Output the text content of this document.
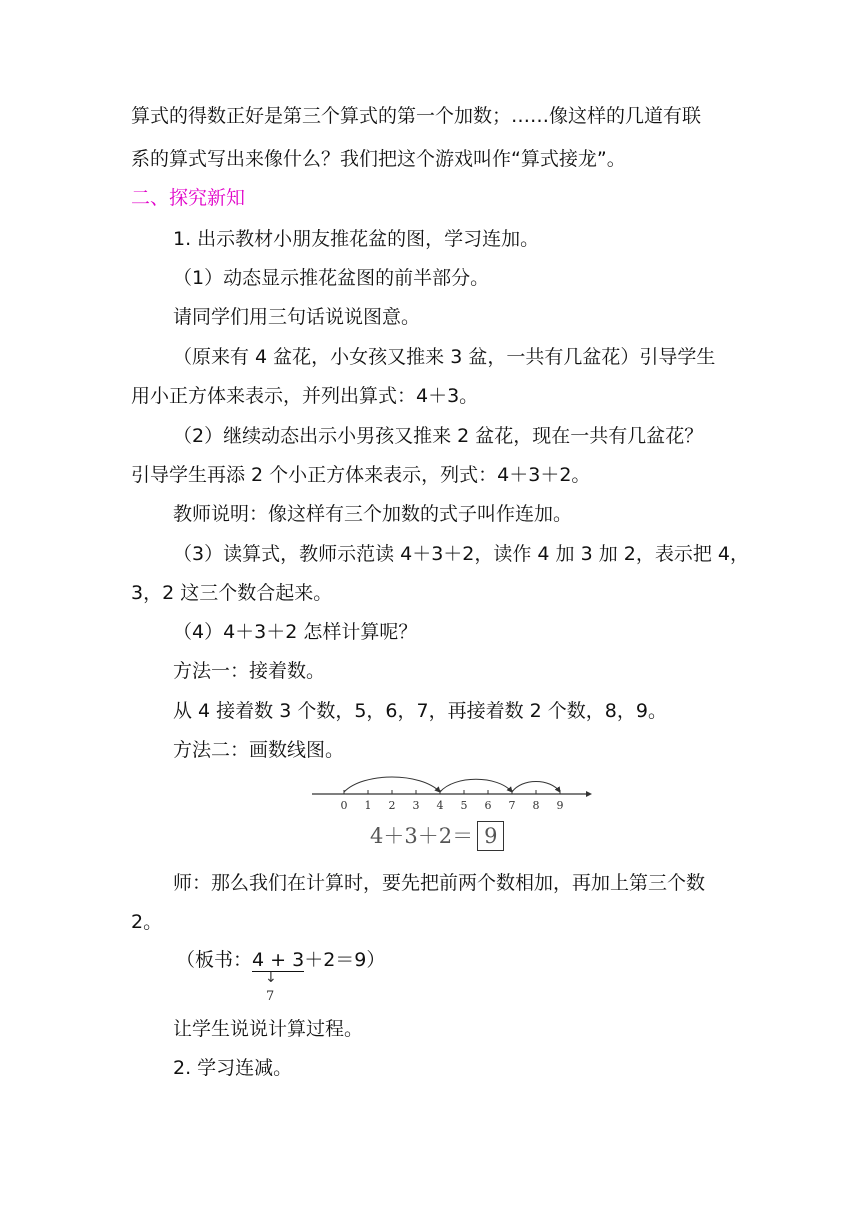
算式的得数正好是第三个算式的第一个加数；……像这样的几道有联
系的算式写出来像什么？我们把这个游戏叫作“算式接龙”。
二、探究新知
1. 出示教材小朋友推花盆的图，学习连加。
（1）动态显示推花盆图的前半部分。
请同学们用三句话说说图意。
（原来有 4 盆花，小女孩又推来 3 盆，一共有几盆花）引导学生
用小正方体来表示，并列出算式：4＋3。
（2）继续动态出示小男孩又推来 2 盆花，现在一共有几盆花？
引导学生再添 2 个小正方体来表示，列式：4＋3＋2。
教师说明：像这样有三个加数的式子叫作连加。
（3）读算式，教师示范读 4＋3＋2，读作 4 加 3 加 2，表示把 4，
3，2 这三个数合起来。
（4）4＋3＋2 怎样计算呢？
方法一：接着数。
从 4 接着数 3 个数，5，6，7，再接着数 2 个数，8，9。
方法二：画数线图。
0 1 2 3 4 5 6 7 8 9
4＋3＋2＝ 9
师：那么我们在计算时，要先把前两个数相加，再加上第三个数
2。
（板书：4 + 3
＋2＝9）
↓
7
让学生说说计算过程。
2. 学习连减。
